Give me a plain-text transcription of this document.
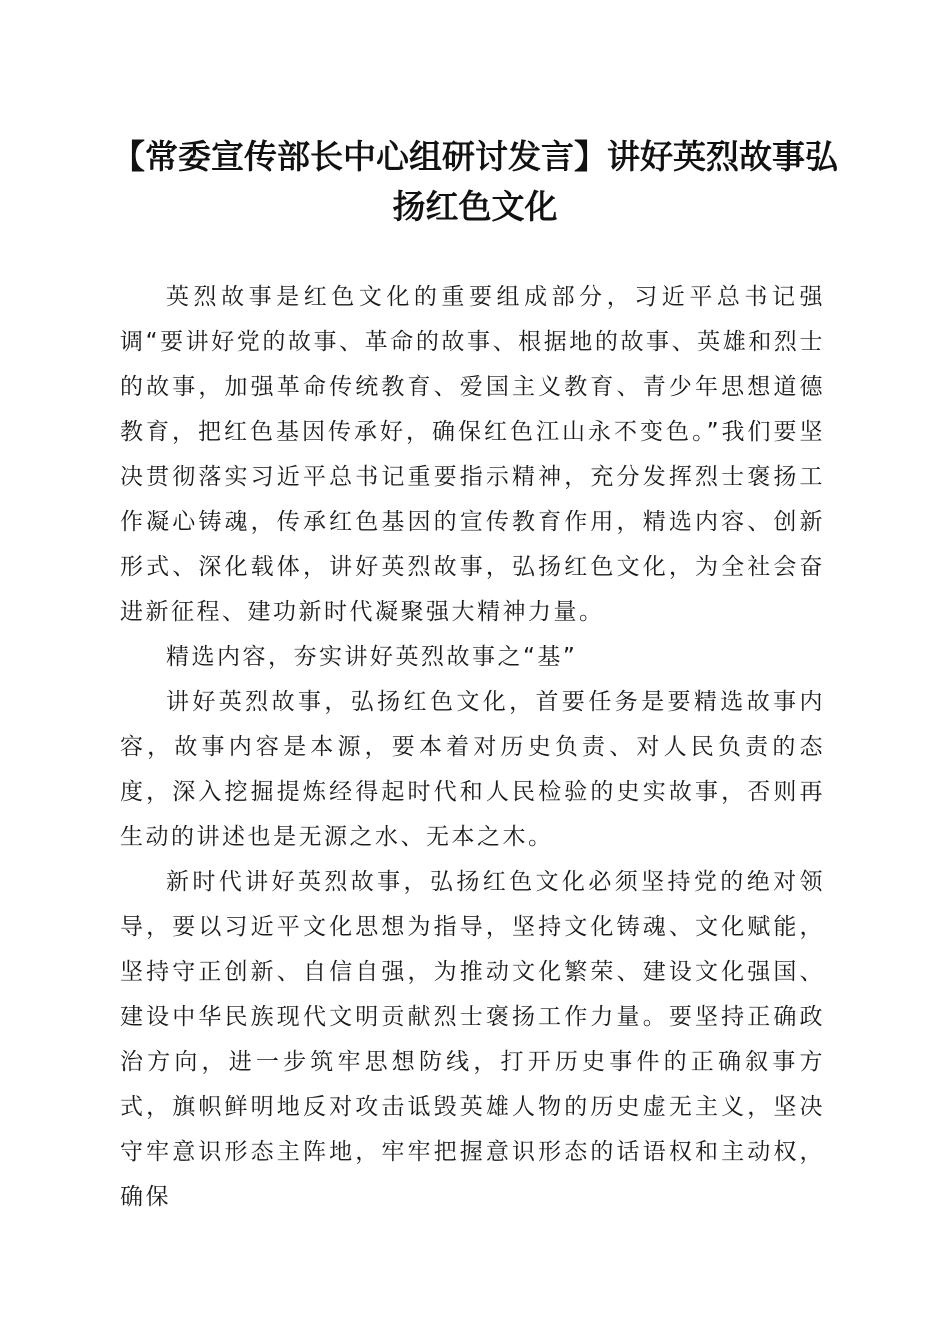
【常委宣传部长中心组研讨发言】讲好英烈故事弘扬红色文化

英烈故事是红色文化的重要组成部分，习近平总书记强调“要讲好党的故事、革命的故事、根据地的故事、英雄和烈士的故事，加强革命传统教育、爱国主义教育、青少年思想道德教育，把红色基因传承好，确保红色江山永不变色。”我们要坚决贯彻落实习近平总书记重要指示精神，充分发挥烈士褒扬工作凝心铸魂，传承红色基因的宣传教育作用，精选内容、创新形式、深化载体，讲好英烈故事，弘扬红色文化，为全社会奋进新征程、建功新时代凝聚强大精神力量。

精选内容，夯实讲好英烈故事之“基”

讲好英烈故事，弘扬红色文化，首要任务是要精选故事内容，故事内容是本源，要本着对历史负责、对人民负责的态度，深入挖掘提炼经得起时代和人民检验的史实故事，否则再生动的讲述也是无源之水、无本之木。

新时代讲好英烈故事，弘扬红色文化必须坚持党的绝对领导，要以习近平文化思想为指导，坚持文化铸魂、文化赋能，坚持守正创新、自信自强，为推动文化繁荣、建设文化强国、建设中华民族现代文明贡献烈士褒扬工作力量。要坚持正确政治方向，进一步筑牢思想防线，打开历史事件的正确叙事方式，旗帜鲜明地反对攻击诋毁英雄人物的历史虚无主义，坚决守牢意识形态主阵地，牢牢把握意识形态的话语权和主动权，确保
